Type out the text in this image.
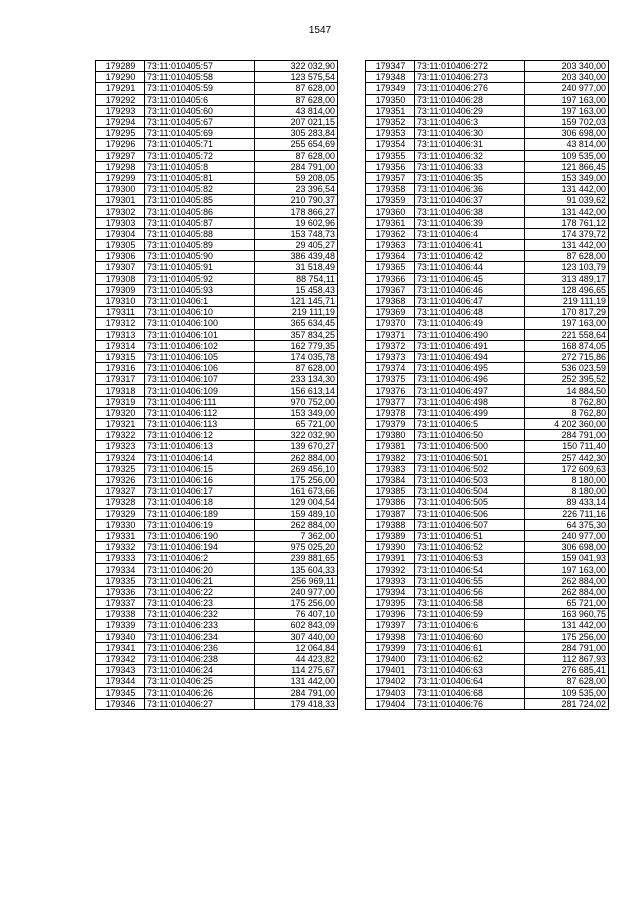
1547
179289	73:11:010405:57	322 032,90
179290	73:11:010405:58	123 575,54
179291	73:11:010405:59	87 628,00
179292	73:11:010405:6	87 628,00
179293	73:11:010405:60	43 814,00
179294	73:11:010405:67	207 021,15
179295	73:11:010405:69	305 283,84
179296	73:11:010405:71	255 654,69
179297	73:11:010405:72	87 628,00
179298	73:11:010405:8	284 791,00
179299	73:11:010405:81	59 208,05
179300	73:11:010405:82	23 396,54
179301	73:11:010405:85	210 790,37
179302	73:11:010405:86	178 866,27
179303	73:11:010405:87	19 602,96
179304	73:11:010405:88	153 748,73
179305	73:11:010405:89	29 405,27
179306	73:11:010405:90	386 439,48
179307	73:11:010405:91	31 518,49
179308	73:11:010405:92	88 754,11
179309	73:11:010405:93	15 458,43
179310	73:11:010406:1	121 145,71
179311	73:11:010406:10	219 111,19
179312	73:11:010406:100	365 634,45
179313	73:11:010406:101	357 834,25
179314	73:11:010406:102	162 779,35
179315	73:11:010406:105	174 035,78
179316	73:11:010406:106	87 628,00
179317	73:11:010406:107	233 134,30
179318	73:11:010406:109	156 613,14
179319	73:11:010406:111	970 752,00
179320	73:11:010406:112	153 349,00
179321	73:11:010406:113	65 721,00
179322	73:11:010406:12	322 032,90
179323	73:11:010406:13	139 670,27
179324	73:11:010406:14	262 884,00
179325	73:11:010406:15	269 456,10
179326	73:11:010406:16	175 256,00
179327	73:11:010406:17	161 673,66
179328	73:11:010406:18	129 004,54
179329	73:11:010406:189	159 489,10
179330	73:11:010406:19	262 884,00
179331	73:11:010406:190	7 362,00
179332	73:11:010406:194	975 025,20
179333	73:11:010406:2	239 881,65
179334	73:11:010406:20	135 604,33
179335	73:11:010406:21	256 969,11
179336	73:11:010406:22	240 977,00
179337	73:11:010406:23	175 256,00
179338	73:11:010406:232	76 407,10
179339	73:11:010406:233	602 843,09
179340	73:11:010406:234	307 440,00
179341	73:11:010406:236	12 064,84
179342	73:11:010406:238	44 423,82
179343	73:11:010406:24	114 275,67
179344	73:11:010406:25	131 442,00
179345	73:11:010406:26	284 791,00
179346	73:11:010406:27	179 418,33
179347	73:11:010406:272	203 340,00
179348	73:11:010406:273	203 340,00
179349	73:11:010406:276	240 977,00
179350	73:11:010406:28	197 163,00
179351	73:11:010406:29	197 163,00
179352	73:11:010406:3	159 702,03
179353	73:11:010406:30	306 698,00
179354	73:11:010406:31	43 814,00
179355	73:11:010406:32	109 535,00
179356	73:11:010406:33	121 866,45
179357	73:11:010406:35	153 349,00
179358	73:11:010406:36	131 442,00
179359	73:11:010406:37	91 039,62
179360	73:11:010406:38	131 442,00
179361	73:11:010406:39	178 761,12
179362	73:11:010406:4	174 379,72
179363	73:11:010406:41	131 442,00
179364	73:11:010406:42	87 628,00
179365	73:11:010406:44	123 103,79
179366	73:11:010406:45	313 489,17
179367	73:11:010406:46	128 496,65
179368	73:11:010406:47	219 111,19
179369	73:11:010406:48	170 817,29
179370	73:11:010406:49	197 163,00
179371	73:11:010406:490	221 558,64
179372	73:11:010406:491	168 874,05
179373	73:11:010406:494	272 715,86
179374	73:11:010406:495	536 023,59
179375	73:11:010406:496	252 395,52
179376	73:11:010406:497	14 884,50
179377	73:11:010406:498	8 762,80
179378	73:11:010406:499	8 762,80
179379	73:11:010406:5	4 202 360,00
179380	73:11:010406:50	284 791,00
179381	73:11:010406:500	150 711,40
179382	73:11:010406:501	257 442,30
179383	73:11:010406:502	172 609,63
179384	73:11:010406:503	8 180,00
179385	73:11:010406:504	8 180,00
179386	73:11:010406:505	89 433,14
179387	73:11:010406:506	226 711,16
179388	73:11:010406:507	64 375,30
179389	73:11:010406:51	240 977,00
179390	73:11:010406:52	306 698,00
179391	73:11:010406:53	159 041,93
179392	73:11:010406:54	197 163,00
179393	73:11:010406:55	262 884,00
179394	73:11:010406:56	262 884,00
179395	73:11:010406:58	65 721,00
179396	73:11:010406:59	163 960,75
179397	73:11:010406:6	131 442,00
179398	73:11:010406:60	175 256,00
179399	73:11:010406:61	284 791,00
179400	73:11:010406:62	112 867,93
179401	73:11:010406:63	276 685,41
179402	73:11:010406:64	87 628,00
179403	73:11:010406:68	109 535,00
179404	73:11:010406:76	281 724,02
